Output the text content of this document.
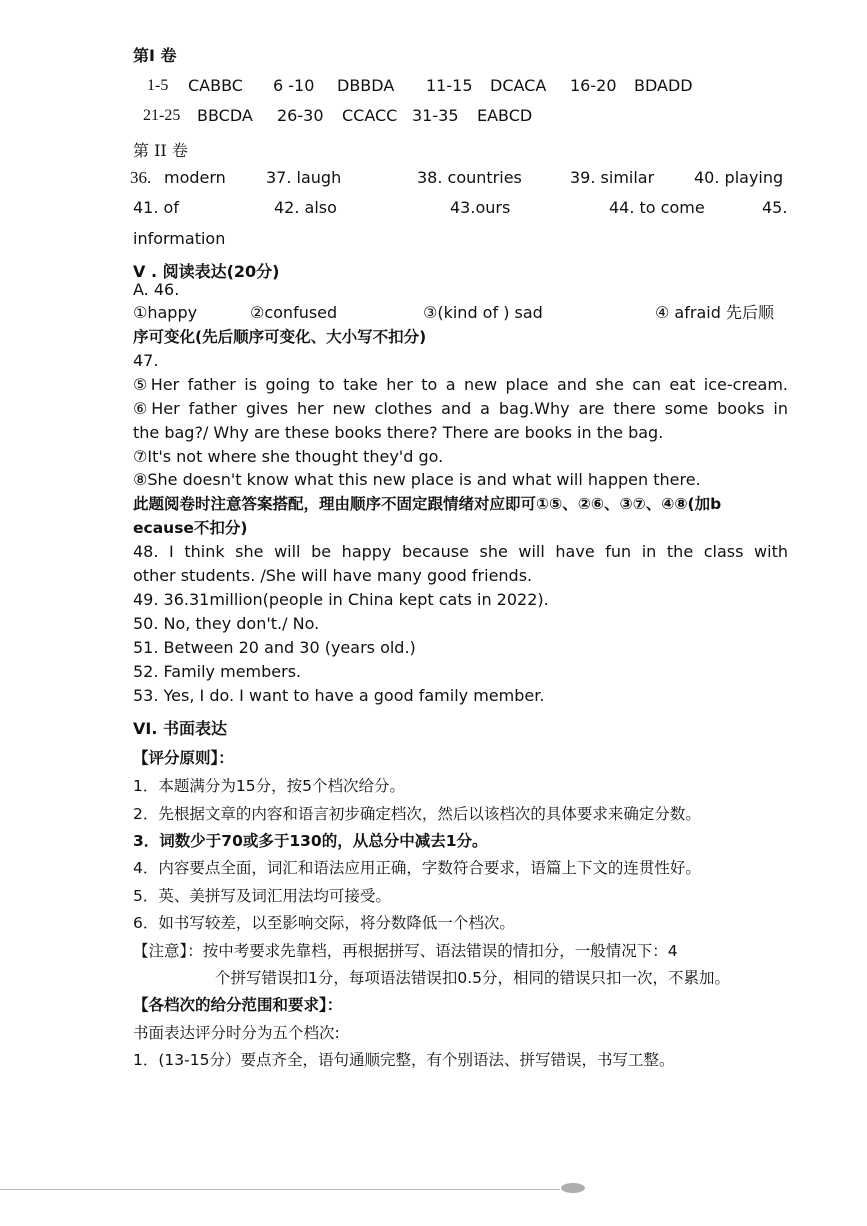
第I 卷
1-5 CABBC 6 -10 DBBDA 11-15 DCACA 16-20 BDADD
21-25 BBCDA 26-30 CCACC 31-35 EABCD
第 II 卷
36. modern	37. laugh	38. countries	39. similar 40. playing
41. of	42. also	43.ours	44. to come	45.
information
V . 阅读表达(20分)
A. 46.
①happy	②confused	③(kind of ) sad	④ afraid 先后顺
序可变化(先后顺序可变化、大小写不扣分)
47.
⑤Her father is going to take her to a new place and she can eat ice-cream.
⑥Her father gives her new clothes and a bag.Why are there some books in
the bag?/ Why are these books there? There are books in the bag.
⑦It's not where she thought they'd go.
⑧She doesn't know what this new place is and what will happen there.
此题阅卷时注意答案搭配，理由顺序不固定跟情绪对应即可①⑤、②⑥、③⑦、④⑧(加b
ecause不扣分)
48. I think she will be happy because she will have fun in the class with
other students. /She will have many good friends.
49. 36.31million(people in China kept cats in 2022).
50. No, they don't./ No.
51. Between 20 and 30 (years old.)
52. Family members.
53. Yes, I do. I want to have a good family member.
VI. 书面表达
【评分原则】：
1．本题满分为15分，按5个档次给分。
2．先根据文章的内容和语言初步确定档次，然后以该档次的具体要求来确定分数。
3．词数少于70或多于130的，从总分中减去1分。
4．内容要点全面，词汇和语法应用正确，字数符合要求，语篇上下文的连贯性好。
5．英、美拼写及词汇用法均可接受。
6．如书写较差，以至影响交际，将分数降低一个档次。
【注意】：按中考要求先靠档，再根据拼写、语法错误的情扣分，一般情况下：4
个拼写错误扣1分，每项语法错误扣0.5分，相同的错误只扣一次，不累加。
【各档次的给分范围和要求】：
书面表达评分时分为五个档次:
1．(13-15分）要点齐全，语句通顺完整，有个别语法、拼写错误，书写工整。
